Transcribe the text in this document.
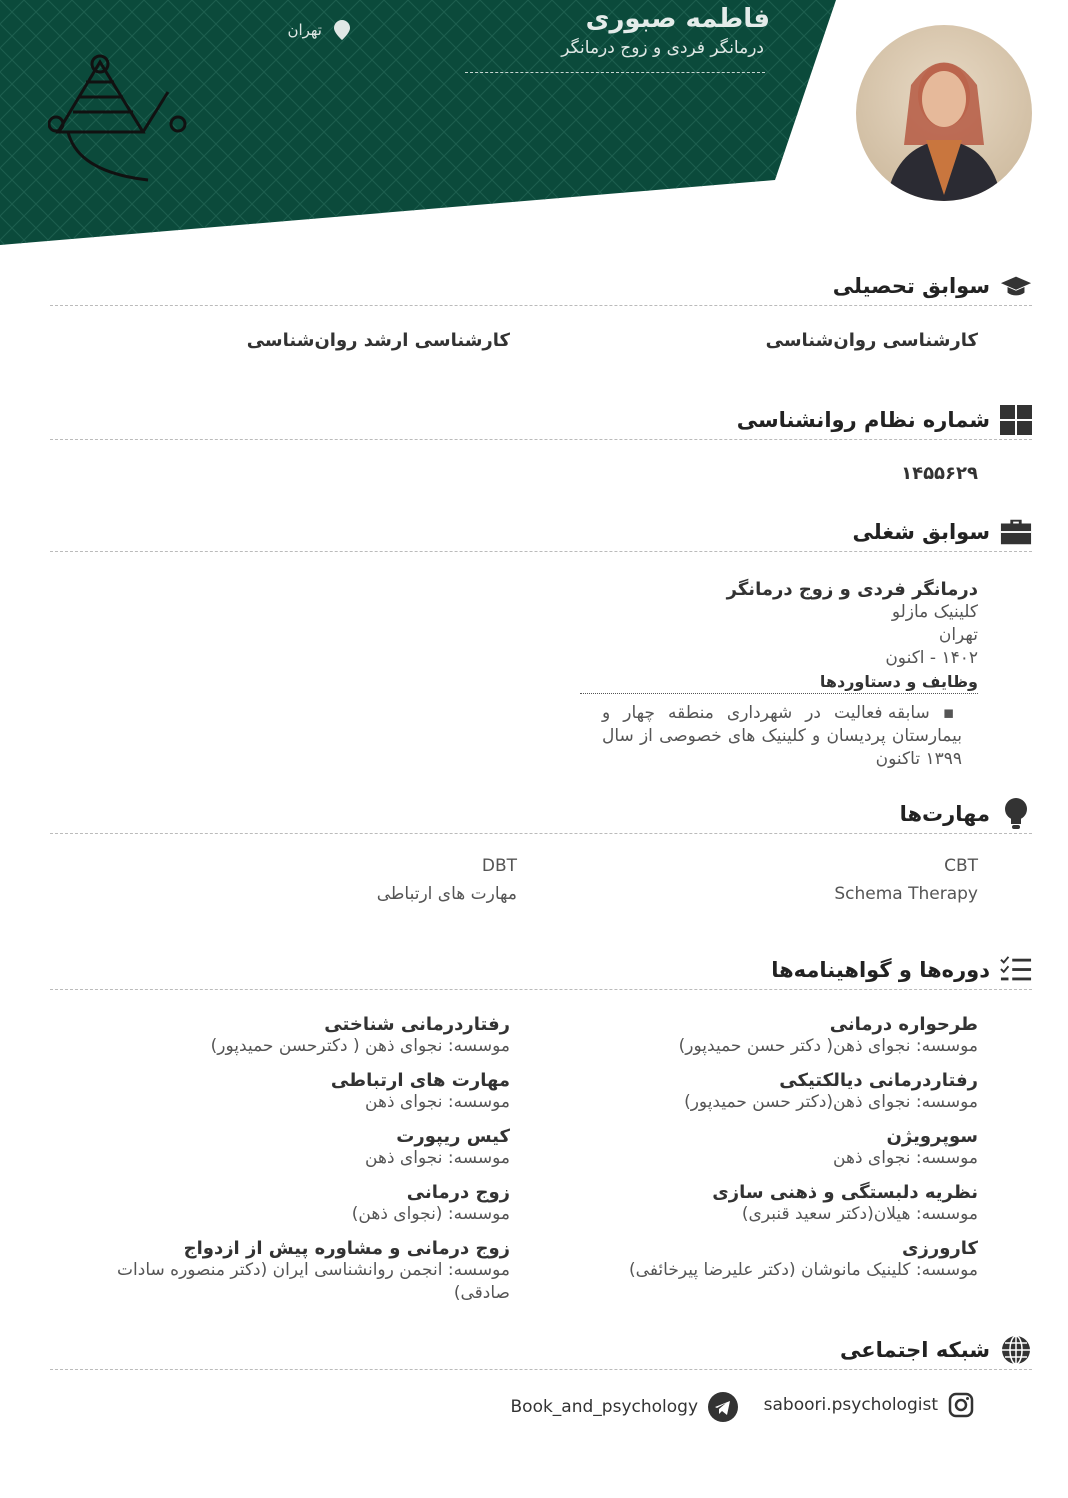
فاطمه صبوری
درمانگر فردی و زوج درمانگر
تهران
سوابق تحصیلی
کارشناسی روان‌شناسی
کارشناسی ارشد روان‌شناسی
شماره نظام روانشناسی
۱۴۵۵۶۲۹
سوابق شغلی
درمانگر فردی و زوج درمانگر
کلینیک مازلو
تهران
۱۴۰۲ - اکنون
وظایف و دستاوردها
▪ سابقه فعالیت در شهرداری منطقه چهار و بیمارستان پردیسان و کلینیک های خصوصی از سال ۱۳۹۹ تاکنون
مهارت‌ها
CBT
DBT
Schema Therapy
مهارت های ارتباطی
دوره‌ها و گواهینامه‌ها
طرحواره درمانی
موسسه: نجوای ذهن( دکتر حسن حمیدپور)
رفتاردرمانی دیالکتیکی
موسسه: نجوای ذهن(دکتر حسن حمیدپور)
سوپرویژن
موسسه: نجوای ذهن
نظریه دلبستگی و ذهنی سازی
موسسه: هیلان(دکتر سعید قنبری)
کارورزی
موسسه: کلینیک مانوشان (دکتر علیرضا پیرخائفی)
رفتاردرمانی شناختی
موسسه: نجوای ذهن ( دکترحسن حمیدپور)
مهارت های ارتباطی
موسسه: نجوای ذهن
کیس ریپورت
موسسه: نجوای ذهن
زوج درمانی
موسسه: (نجوای ذهن)
زوج درمانی و مشاوره پیش از ازدواج
موسسه: انجمن روانشناسی ایران (دکتر منصوره سادات صادقی)
شبکه اجتماعی
saboori.psychologist
Book_and_psychology
